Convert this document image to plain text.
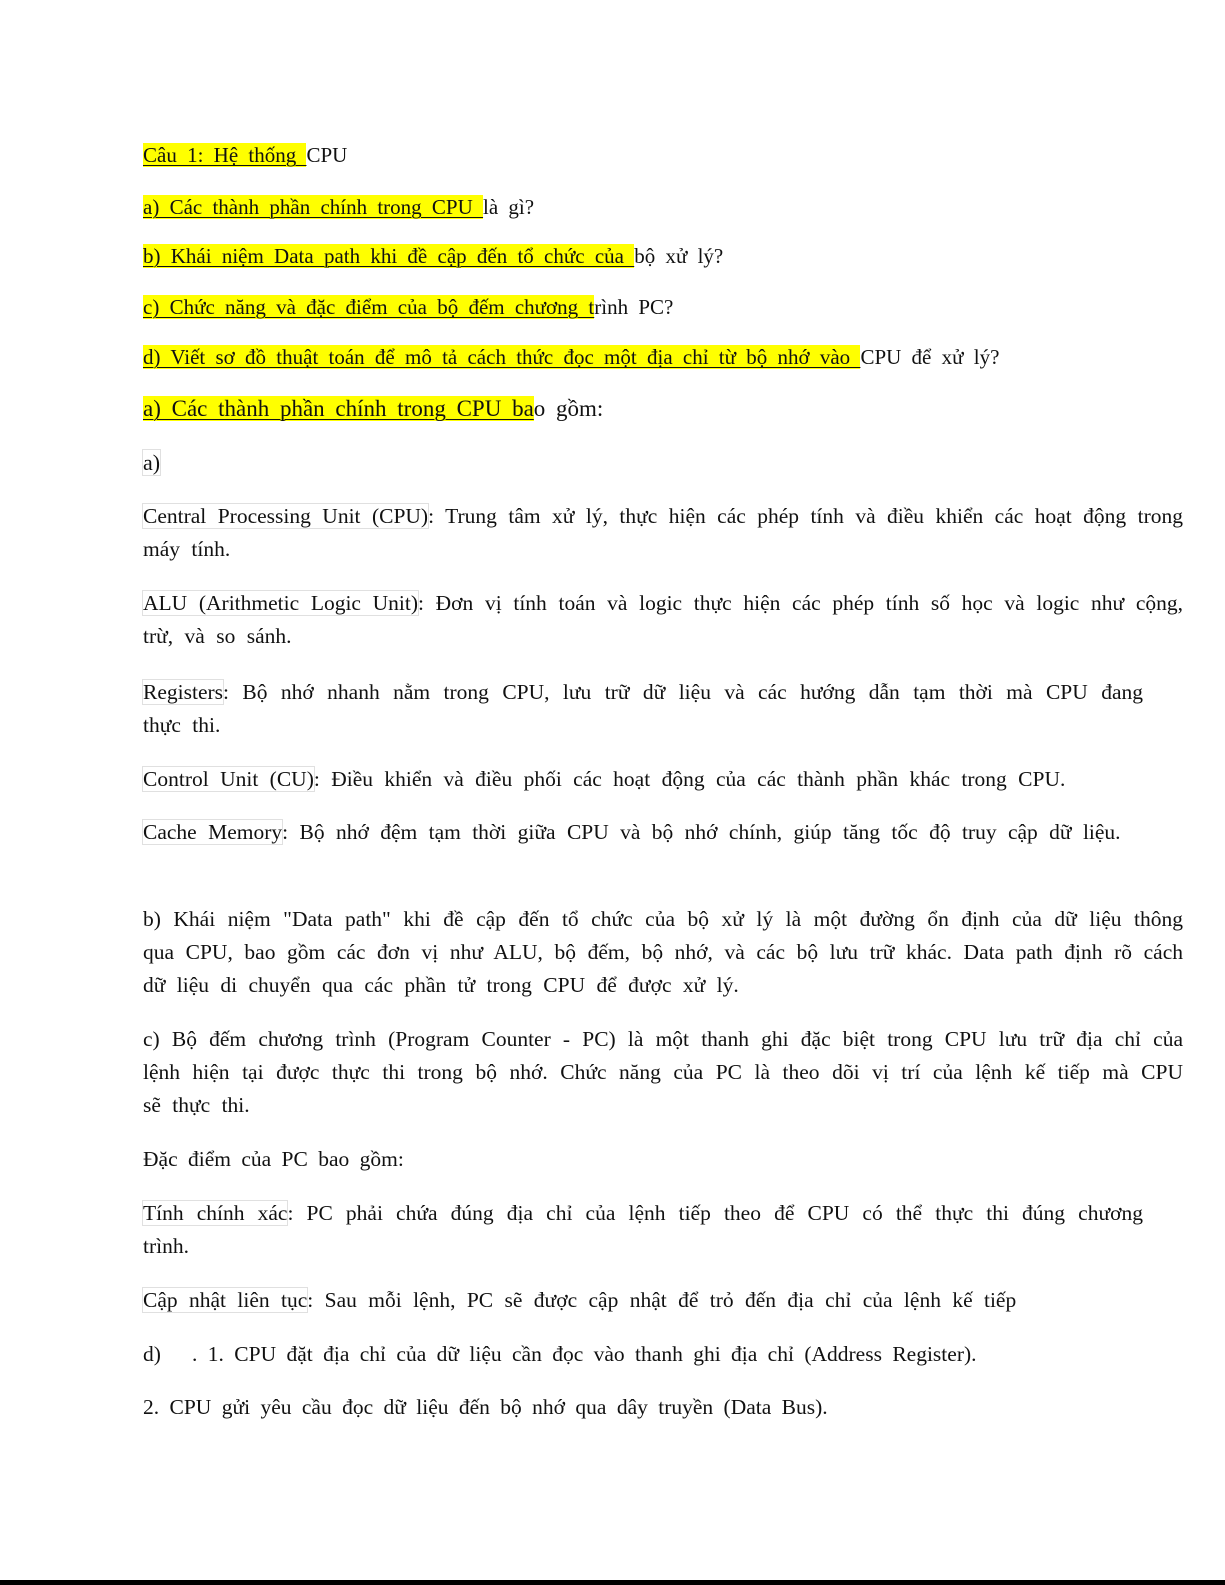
Câu 1: Hệ thống CPU
a) Các thành phần chính trong CPU là gì?
b) Khái niệm Data path khi đề cập đến tổ chức của bộ xử lý?
c) Chức năng và đặc điểm của bộ đếm chương trình PC?
d) Viết sơ đồ thuật toán để mô tả cách thức đọc một địa chỉ từ bộ nhớ vào CPU để xử lý?
a) Các thành phần chính trong CPU bao gồm:
a)
Central Processing Unit (CPU): Trung tâm xử lý, thực hiện các phép tính và điều khiển các hoạt động trong máy tính.
ALU (Arithmetic Logic Unit): Đơn vị tính toán và logic thực hiện các phép tính số học và logic như cộng, trừ, và so sánh.
Registers: Bộ nhớ nhanh nằm trong CPU, lưu trữ dữ liệu và các hướng dẫn tạm thời mà CPU đang thực thi.
Control Unit (CU): Điều khiển và điều phối các hoạt động của các thành phần khác trong CPU.
Cache Memory: Bộ nhớ đệm tạm thời giữa CPU và bộ nhớ chính, giúp tăng tốc độ truy cập dữ liệu.
b) Khái niệm "Data path" khi đề cập đến tổ chức của bộ xử lý là một đường ổn định của dữ liệu thông qua CPU, bao gồm các đơn vị như ALU, bộ đếm, bộ nhớ, và các bộ lưu trữ khác. Data path định rõ cách dữ liệu di chuyển qua các phần tử trong CPU để được xử lý.
c) Bộ đếm chương trình (Program Counter - PC) là một thanh ghi đặc biệt trong CPU lưu trữ địa chỉ của lệnh hiện tại được thực thi trong bộ nhớ. Chức năng của PC là theo dõi vị trí của lệnh kế tiếp mà CPU sẽ thực thi.
Đặc điểm của PC bao gồm:
Tính chính xác: PC phải chứa đúng địa chỉ của lệnh tiếp theo để CPU có thể thực thi đúng chương trình.
Cập nhật liên tục: Sau mỗi lệnh, PC sẽ được cập nhật để trỏ đến địa chỉ của lệnh kế tiếp
d)   . 1. CPU đặt địa chỉ của dữ liệu cần đọc vào thanh ghi địa chỉ (Address Register).
2. CPU gửi yêu cầu đọc dữ liệu đến bộ nhớ qua dây truyền (Data Bus).
